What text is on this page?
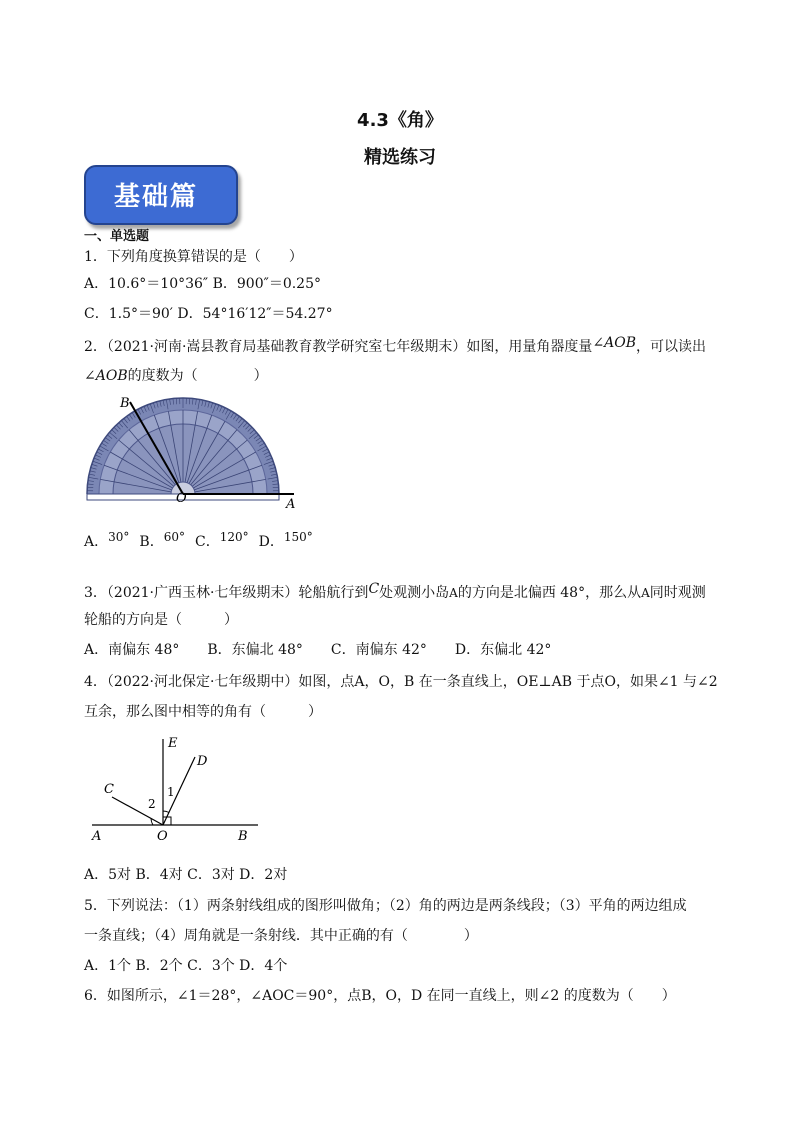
4.3《角》
精选练习
基础篇
一、单选题
1．下列角度换算错误的是（　　）
A．10.6°＝10°36″ B．900″＝0.25°
C．1.5°＝90′ D．54°16′12″＝54.27°
2．（2021·河南·嵩县教育局基础教育教学研究室七年级期末）如图，用量角器度量∠AOB，可以读出
∠AOB的度数为（　　　　）
B
O	A
A．30° B．60° C．120° D．150°
3．（2021·广西玉林·七年级期末）轮船航行到C处观测小岛A的方向是北偏西 48°，那么从A同时观测
轮船的方向是（　　　）
A．南偏东 48°　　B．东偏北 48°　　C．南偏东 42°　　D．东偏北 42°
4．（2022·河北保定·七年级期中）如图，点A，O，B 在一条直线上，OE⊥AB 于点O，如果∠1 与∠2
互余，那么图中相等的角有（　　　）
E
D
C	1
2
A	O	B
A．5对 B．4对 C．3对 D．2对
5．下列说法：（1）两条射线组成的图形叫做角；（2）角的两边是两条线段；（3）平角的两边组成
一条直线；（4）周角就是一条射线．其中正确的有（　　　　）
A．1个 B．2个 C．3个 D．4个
6．如图所示，∠1＝28°，∠AOC＝90°，点B，O，D 在同一直线上，则∠2 的度数为（　　）
